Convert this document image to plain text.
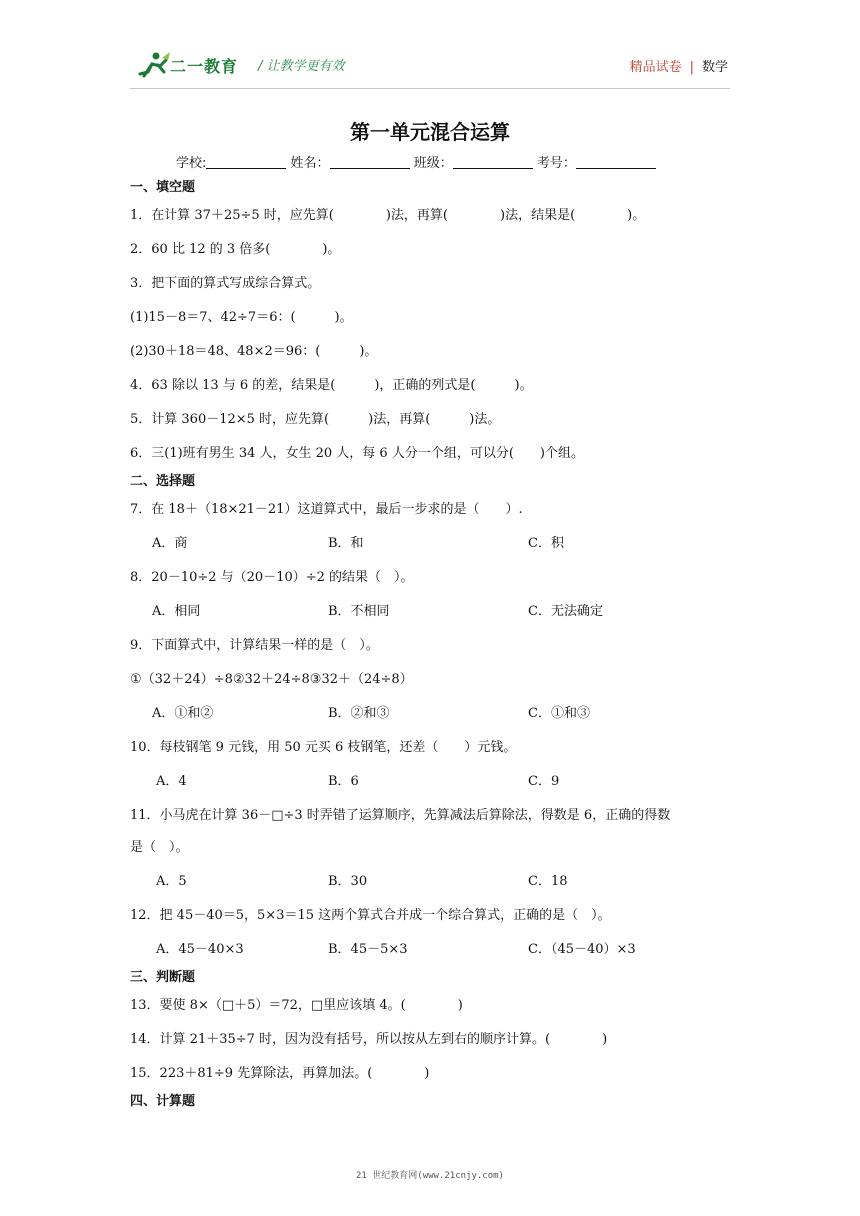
二一教育 / 让教学更有效	精品试卷 | 数学
第一单元混合运算
学校:	姓名：	班级：	考号：
一、填空题
1．在计算 37＋25÷5 时，应先算(　　　　)法，再算(　　　　)法，结果是(　　　　)。
2．60 比 12 的 3 倍多(　　　　)。
3．把下面的算式写成综合算式。
(1)15－8＝7、42÷7＝6：(　　　)。
(2)30＋18＝48、48×2＝96：(　　　)。
4．63 除以 13 与 6 的差，结果是(　　　)，正确的列式是(　　　)。
5．计算 360－12×5 时，应先算(　　　)法，再算(　　　)法。
6．三(1)班有男生 34 人，女生 20 人，每 6 人分一个组，可以分(　　)个组。
二、选择题
7．在 18＋（18×21－21）这道算式中，最后一步求的是（　　）.
A．商	B．和	C．积
8．20－10÷2 与（20－10）÷2 的结果（　）。
A．相同	B．不相同	C．无法确定
9．下面算式中，计算结果一样的是（　）。
①（32＋24）÷8②32＋24÷8③32＋（24÷8）
A．①和②	B．②和③	C．①和③
10．每枝钢笔 9 元钱，用 50 元买 6 枝钢笔，还差（　　）元钱。
A．4	B．6	C．9
11．小马虎在计算 36－□÷3 时弄错了运算顺序，先算减法后算除法，得数是 6，正确的得数
是（　）。
A．5	B．30	C．18
12．把 45－40＝5，5×3＝15 这两个算式合并成一个综合算式，正确的是（　）。
A．45－40×3	B．45－5×3	C．（45－40）×3
三、判断题
13．要使 8×（□＋5）＝72，□里应该填 4。(　　　　)
14．计算 21＋35÷7 时，因为没有括号，所以按从左到右的顺序计算。(　　　　)
15．223＋81÷9 先算除法，再算加法。(　　　　)
四、计算题
21 世纪教育网(www.21cnjy.com)
